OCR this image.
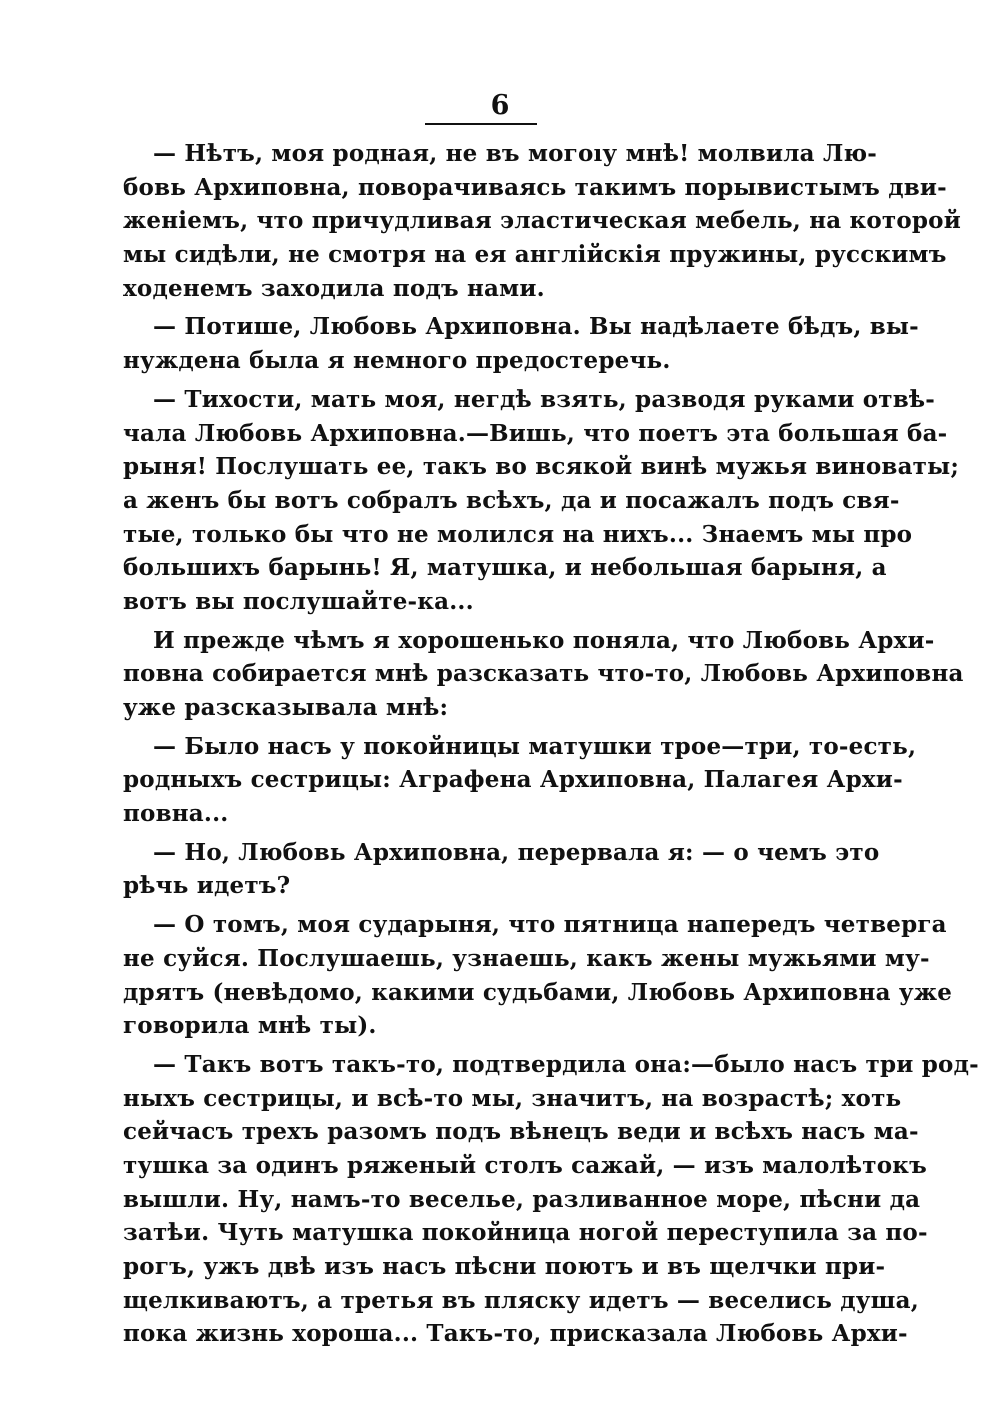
6
— Нѣтъ, моя родная, не въ могоıу мнѣ! молвила Лю-
бовь Архиповна, поворачиваясь такимъ порывистымъ дви-
женіемъ, что причудливая эластическая мебель, на которой
мы сидѣли, не смотря на ея англійскія пружины, русскимъ
ходенемъ заходила подъ нами.
— Потише, Любовь Архиповна. Вы надѣлаете бѣдъ, вы-
нуждена была я немного предостеречь.
— Тихости, мать моя, негдѣ взять, разводя руками отвѣ-
чала Любовь Архиповна.—Вишь, что поетъ эта большая ба-
рыня! Послушать ее, такъ во всякой винѣ мужья виноваты;
а женъ бы вотъ собралъ всѣхъ, да и посажалъ подъ свя-
тые, только бы что не молился на нихъ... Знаемъ мы про
большихъ барынь! Я, матушка, и небольшая барыня, а
вотъ вы послушайте-ка...
И прежде чѣмъ я хорошенько поняла, что Любовь Архи-
повна собирается мнѣ разсказать что-то, Любовь Архиповна
уже разсказывала мнѣ:
— Было насъ у покойницы матушки трое—три, то-есть,
родныхъ сестрицы: Аграфена Архиповна, Палагея Архи-
повна...
— Но, Любовь Архиповна, перервала я: — о чемъ это
рѣчь идетъ?
— О томъ, моя сударыня, что пятница напередъ четверга
не суйся. Послушаешь, узнаешь, какъ жены мужьями му-
дрятъ (невѣдомо, какими судьбами, Любовь Архиповна уже
говорила мнѣ ты).
— Такъ вотъ такъ-то, подтвердила она:—было насъ три род-
ныхъ сестрицы, и всѣ-то мы, значитъ, на возрастѣ; хоть
сейчасъ трехъ разомъ подъ вѣнецъ веди и всѣхъ насъ ма-
тушка за одинъ ряженый столъ сажай, — изъ малолѣтокъ
вышли. Ну, намъ-то веселье, разливанное море, пѣсни да
затѣи. Чуть матушка покойница ногой переступила за по-
рогъ, ужъ двѣ изъ насъ пѣсни поютъ и въ щелчки при-
щелкиваютъ, а третья въ пляску идетъ — веселись душа,
пока жизнь хороша... Такъ-то, присказала Любовь Архи-
